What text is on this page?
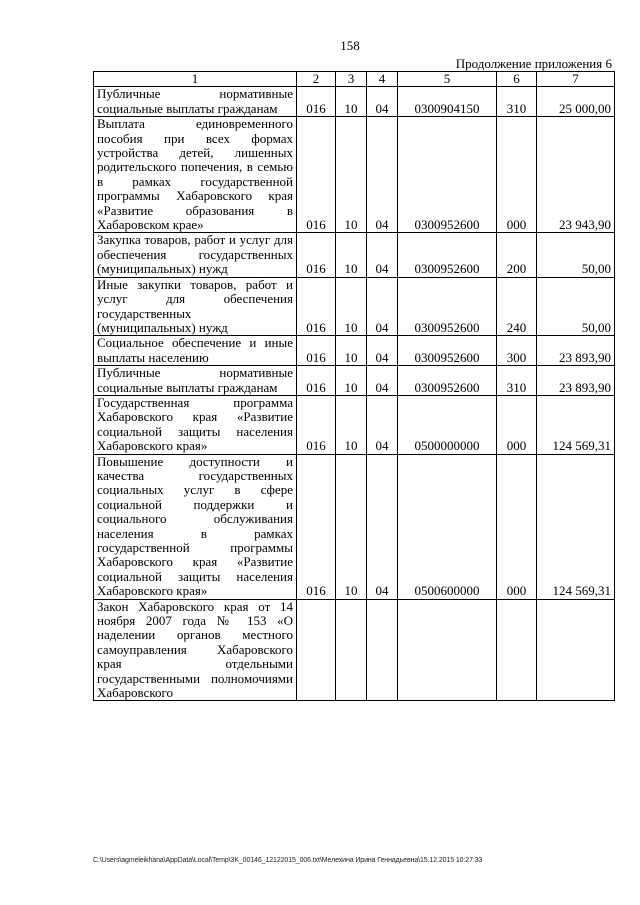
158
Продолжение приложения 6
1	2	3	4	5	6	7
Публичные нормативные социальные выплаты гражданам	016	10	04	0300904150	310	25 000,00
Выплата единовременного пособия при всех формах устройства детей, лишенных родительского попечения, в семью в рамках государственной программы Хабаровского края «Развитие образования в Хабаровском крае»	016	10	04	0300952600	000	23 943,90
Закупка товаров, работ и услуг для обеспечения государственных (муниципальных) нужд	016	10	04	0300952600	200	50,00
Иные закупки товаров, работ и услуг для обеспечения государственных (муниципальных) нужд	016	10	04	0300952600	240	50,00
Социальное обеспечение и иные выплаты населению	016	10	04	0300952600	300	23 893,90
Публичные нормативные социальные выплаты гражданам	016	10	04	0300952600	310	23 893,90
Государственная программа Хабаровского края «Развитие социальной защиты населения Хабаровского края»	016	10	04	0500000000	000	124 569,31
Повышение доступности и качества государственных социальных услуг в сфере социальной поддержки и социального обслуживания населения в рамках государственной программы Хабаровского края «Развитие социальной защиты населения Хабаровского края»	016	10	04	0500600000	000	124 569,31
Закон Хабаровского края от 14 ноября 2007 года № 153 «О наделении органов местного самоуправления Хабаровского края отдельными государственными полномочиями Хабаровского						
C:\Users\agmeleikhana\AppData\Local\Temp\3K_00146_12122015_006.txt\Мелехина Ирина Геннадьевна\15.12.2015 10:27:33
